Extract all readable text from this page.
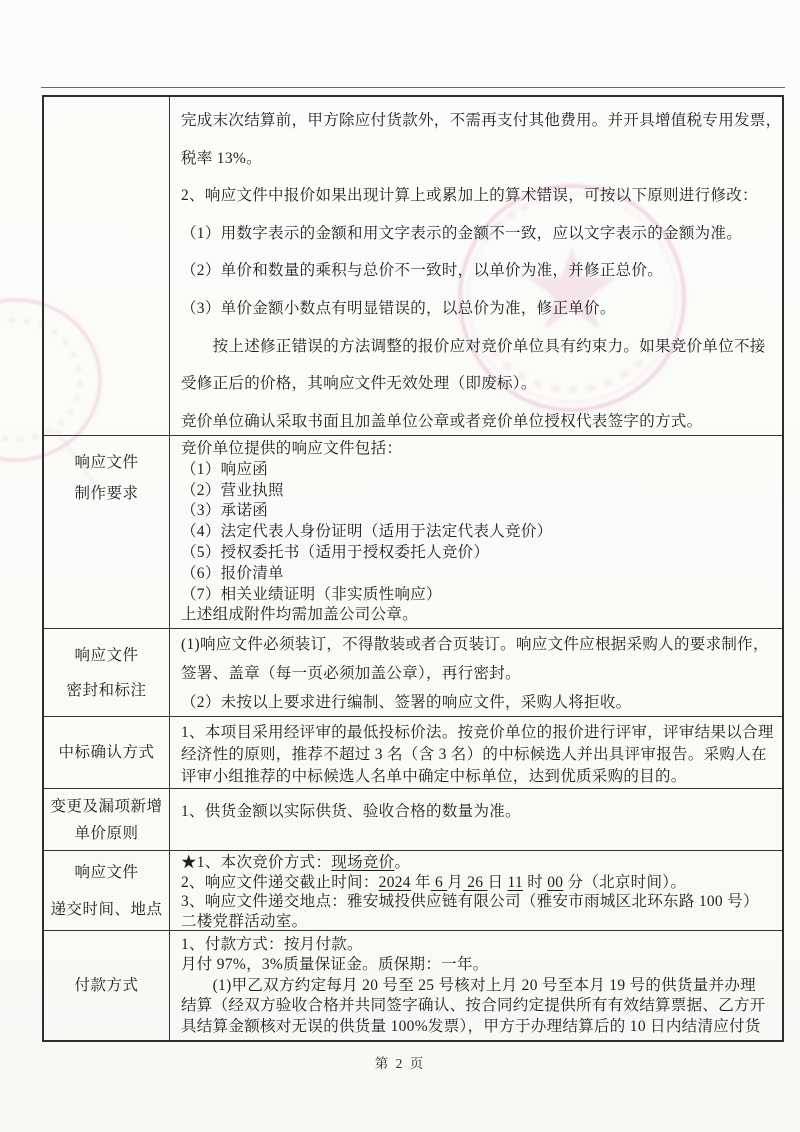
完成末次结算前，甲方除应付货款外，不需再支付其他费用。并开具增值税专用发票，
税率 13%。
2、响应文件中报价如果出现计算上或累加上的算术错误，可按以下原则进行修改：
（1）用数字表示的金额和用文字表示的金额不一致，应以文字表示的金额为准。
（2）单价和数量的乘积与总价不一致时，以单价为准，并修正总价。
（3）单价金额小数点有明显错误的，以总价为准，修正单价。
　　按上述修正错误的方法调整的报价应对竞价单位具有约束力。如果竞价单位不接
受修正后的价格，其响应文件无效处理（即废标）。
竞价单位确认采取书面且加盖单位公章或者竞价单位授权代表签字的方式。
响应文件
制作要求
竞价单位提供的响应文件包括：
（1）响应函
（2）营业执照
（3）承诺函
（4）法定代表人身份证明（适用于法定代表人竞价）
（5）授权委托书（适用于授权委托人竞价）
（6）报价清单
（7）相关业绩证明（非实质性响应）
上述组成附件均需加盖公司公章。
响应文件
密封和标注
(1)响应文件必须装订，不得散装或者合页装订。响应文件应根据采购人的要求制作，
签署、盖章（每一页必须加盖公章），再行密封。
（2）未按以上要求进行编制、签署的响应文件，采购人将拒收。
中标确认方式
1、本项目采用经评审的最低投标价法。按竞价单位的报价进行评审，评审结果以合理
经济性的原则，推荐不超过 3 名（含 3 名）的中标候选人并出具评审报告。采购人在
评审小组推荐的中标候选人名单中确定中标单位，达到优质采购的目的。
变更及漏项新增
单价原则
1、供货金额以实际供货、验收合格的数量为准。
响应文件
递交时间、地点
★1、本次竞价方式：现场竞价。
2、响应文件递交截止时间：2024 年 6 月 26 日 11 时 00 分（北京时间）。
3、响应文件递交地点：雅安城投供应链有限公司（雅安市雨城区北环东路 100 号）
二楼党群活动室。
付款方式
1、付款方式：按月付款。
月付 97%，3%质量保证金。质保期：一年。
　　(1)甲乙双方约定每月 20 号至 25 号核对上月 20 号至本月 19 号的供货量并办理
结算（经双方验收合格并共同签字确认、按合同约定提供所有有效结算票据、乙方开
具结算金额核对无误的供货量 100%发票），甲方于办理结算后的 10 日内结清应付货
第 2 页
